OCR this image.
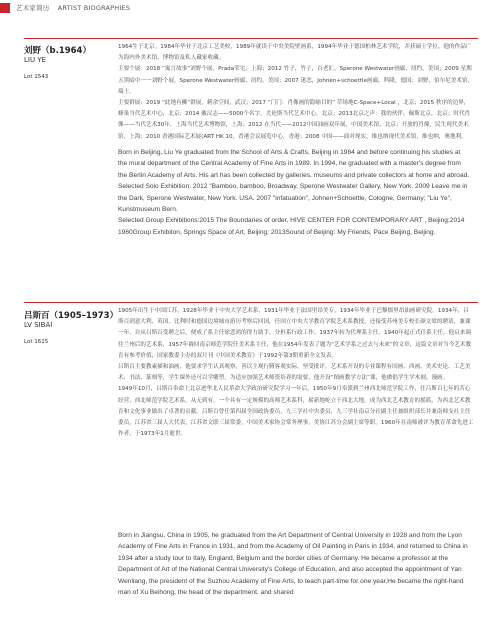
艺术家简历 ARTIST BIOGRAPHIES
刘野（b.1964）
LIU YE
Lot 1543

1964生于北京。1984年毕业于北京工艺美校，1989年就读于中央美院壁画系，1994年毕业于德国柏林艺术学院，并获硕士学位。他的作品广为海内外美术馆、博物馆及私人藏家收藏。

主要个展：2018 “寓言故事”刘野个展，Prada荣宅，上海；2012 竹子，竹子，百老汇，Sperone Westwater画廊，纽约，美国；2009 星期五黑暗中一一刘野个展，Sperone Westwater画廊，纽约，美国；2007 迷恋，Johnen+schoettle画廊，科隆，德国；刘野，伯尔尼美术馆，瑞士。

主要群展：2019 “此地有狮”群展，刺余空间，武汉；2017 “门门：肖像画的隐喻目的” 草场地C-Space+Local ，北京；2015 秩序的边界，蜂巢当代艺术中心，北京；2014 戴汉志——5000个名字，尤伦斯当代艺术中心，北京；2013北京之声：我的伙伴，佩斯北京，北京；时代肖像——当代艺术30年，上海当代艺术博物馆，上海；2012 在当代——2012中国油画双年展，中国美术馆，北京；开放的肖像，民生现代美术馆，上海；2010 香港国际艺术展(ART HK 10，香港会议展览中心，香港；2008 中国——面对现实，维也纳现代美术馆，维也纳，奥地利。

Born in Beijing, Liu Ye graduated from the School of Arts & Crafts, Beijing in 1984 and before continuing his studies at the mural department of the Central Academy of Fine Arts in 1989. In 1994, he graduated with a master's degree from the Berlin Academy of Arts. His art has been collected by galleries, museums and private collectors at home and abroad.

Selected Solo Exhibition: 2012 "Bamboo, bamboo, Broadway, Sperone Westwater Gallery, New York. 2009 Leave me in the Dark, Sperone Westwater, New York. USA. 2007 "infatuation", Johnen+Schoettle, Cologne, Germany; "Liu Ye", Kunstmuseum Bern.

Selected Group Exhibitions:2015 The Boundaries of order, HIVE CENTER FOR CONTEMPORARY ART , Beijing;2014 1960Group Exhibiton, Springs Space of Art, Beijing; 2013Sound of Beijing: My Friends, Pace Beijing, Beijing.

吕斯百（1905–1973）
LV SIBAI
Lot 1615

1905年出生于中国江苏。1928年毕业于中央大学艺术系，1931年毕业于法国里昂美专，1934年毕业于巴黎儒里昂油画研究院。1934年，吕斯百到意大利、英国、比利时和德国边境城市游历考察后回国，任国立中央大学教育学院艺术系教授，还接受苏州美专校长颜文梁的聘请，兼课一年。自从吕斯百受聘之后，便成了系主任徐悲鸿的得力助手，分担系行政工作。1937年转为代理系主任，1940年起正式任系主任。他启来调往兰州后的艺术系，1957年调回南京师范学院任美术系主任，他在1954年发表了题为“艺术学系之过去与未来”的文章，这篇文章对当今艺术教育有参考价值，国家教委主办的双月刊《中国美术教育》于1992年第3期重新全文发表。

吕斯百主要教素描和油画，他要求学生认真观察，善以主观行腾客观实际，坚受批评。艺术系开设的专业课程有国画、西画、美术史论、工艺美术、书法、篆刻等，学生课外还可以学雕塑，为适应加强艺术师资培养的需要，他开设“图画教学方法”课，他做倡学生学木刻、漫画。

1949年10月，吕斯百奉命上北京进华北人民革命大学政治研究院学习一年后，1950年9月奉派到兰州西北师范学院工作，任吕斯百七年的苦心经营，西北师范学院艺术系，从无到有，一个具有一定规模的高师艺术系科，崭新地屹立于西北大地，成为西北艺术教育的摇篮，为西北艺术教育和文化事业做出了卓著的贡献。吕斯百曾任第四届全国政协委员，九三学社中央委员，九三学社南京分社副主任兼组织部长并兼南师支社主任委员，江苏省三届人大代表，江苏省文联三届常委，中国美术家协会常务理事，美协江苏分会副主席等职。1960年在南师被评为教育革命先进工作者。于1973年1月逝世。

Born in Jiangsu, China in 1905, he graduated from the Art Department of Central University in 1928 and from the Lyon Academy of Fine Arts in France in 1931, and from the Academy of Oil Painting in Paris in 1934, and returned to China in 1934 after a study tour to Italy, England, Belgium and the border cities of Germany. He became a professor at the Department of Art of the National Central University's College of Education, and also accepted the appointment of Yan Wenliang, the president of the Suzhou Academy of Fine Arts, to teach part-time for one year.He became the right-hand man of Xu Beihong, the head of the department, and shared
